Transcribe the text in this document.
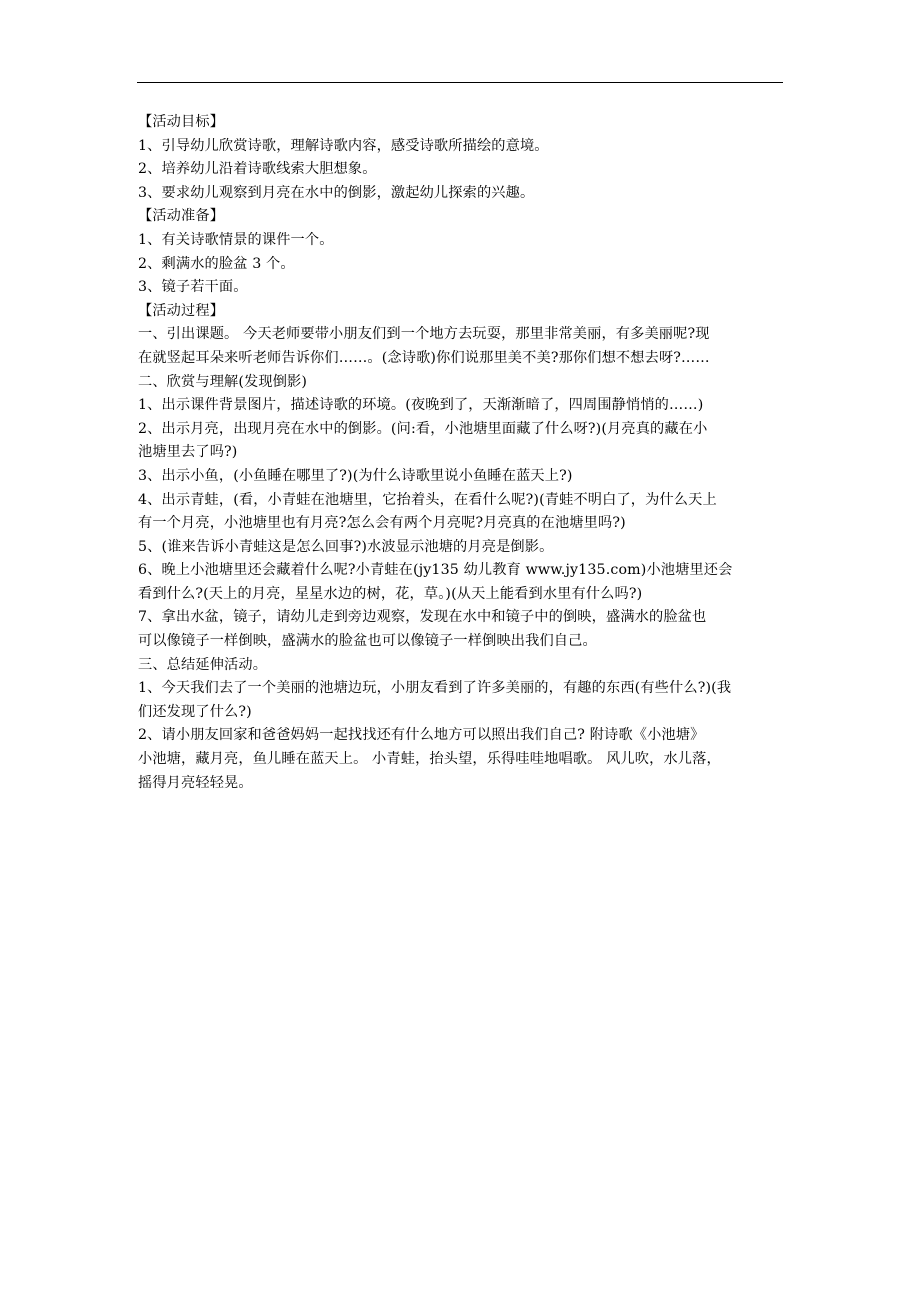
【活动目标】
1、引导幼儿欣赏诗歌，理解诗歌内容，感受诗歌所描绘的意境。
2、培养幼儿沿着诗歌线索大胆想象。
3、要求幼儿观察到月亮在水中的倒影，激起幼儿探索的兴趣。
【活动准备】
1、有关诗歌情景的课件一个。
2、剩满水的脸盆 3 个。
3、镜子若干面。
【活动过程】
一、引出课题。 今天老师要带小朋友们到一个地方去玩耍，那里非常美丽，有多美丽呢?现
在就竖起耳朵来听老师告诉你们……。(念诗歌)你们说那里美不美?那你们想不想去呀?……
二、欣赏与理解(发现倒影)
1、出示课件背景图片，描述诗歌的环境。(夜晚到了，天渐渐暗了，四周围静悄悄的……)
2、出示月亮，出现月亮在水中的倒影。(问:看，小池塘里面藏了什么呀?)(月亮真的藏在小
池塘里去了吗?)
3、出示小鱼，(小鱼睡在哪里了?)(为什么诗歌里说小鱼睡在蓝天上?)
4、出示青蛙，(看，小青蛙在池塘里，它抬着头，在看什么呢?)(青蛙不明白了，为什么天上
有一个月亮，小池塘里也有月亮?怎么会有两个月亮呢?月亮真的在池塘里吗?)
5、(谁来告诉小青蛙这是怎么回事?)水波显示池塘的月亮是倒影。
6、晚上小池塘里还会藏着什么呢?小青蛙在(jy135 幼儿教育 www.jy135.com)小池塘里还会
看到什么?(天上的月亮，星星水边的树，花，草。)(从天上能看到水里有什么吗?)
7、拿出水盆，镜子，请幼儿走到旁边观察，发现在水中和镜子中的倒映，盛满水的脸盆也
可以像镜子一样倒映，盛满水的脸盆也可以像镜子一样倒映出我们自己。
三、总结延伸活动。
1、今天我们去了一个美丽的池塘边玩，小朋友看到了许多美丽的，有趣的东西(有些什么?)(我
们还发现了什么?)
2、请小朋友回家和爸爸妈妈一起找找还有什么地方可以照出我们自己? 附诗歌《小池塘》
小池塘，藏月亮，鱼儿睡在蓝天上。 小青蛙，抬头望，乐得哇哇地唱歌。 风儿吹，水儿落，
摇得月亮轻轻晃。
